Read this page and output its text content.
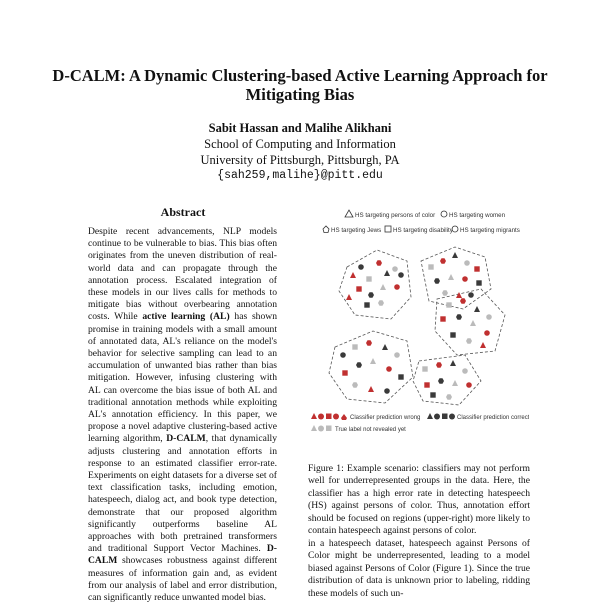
D-CALM: A Dynamic Clustering-based Active Learning Approach for Mitigating Bias
Sabit Hassan and Malihe Alikhani
School of Computing and Information
University of Pittsburgh, Pittsburgh, PA
{sah259,malihe}@pitt.edu
Abstract
Despite recent advancements, NLP models continue to be vulnerable to bias. This bias often originates from the uneven distribution of real-world data and can propagate through the annotation process. Escalated integration of these models in our lives calls for methods to mitigate bias without overbearing annotation costs. While active learning (AL) has shown promise in training models with a small amount of annotated data, AL's reliance on the model's behavior for selective sampling can lead to an accumulation of unwanted bias rather than bias mitigation. However, infusing clustering with AL can overcome the bias issue of both AL and traditional annotation methods while exploiting AL's annotation efficiency. In this paper, we propose a novel adaptive clustering-based active learning algorithm, D-CALM, that dynamically adjusts clustering and annotation efforts in response to an estimated classifier error-rate. Experiments on eight datasets for a diverse set of text classification tasks, including emotion, hatespeech, dialog act, and book type detection, demonstrate that our proposed algorithm significantly outperforms baseline AL approaches with both pretrained transformers and traditional Support Vector Machines. D-CALM showcases robustness against different measures of information gain and, as evident from our analysis of label and error distribution, can significantly reduce unwanted model bias.
HS targeting persons of color HS targeting women
HS targeting Jews HS targeting disability HS targeting migrants
Classifier prediction wrong	Classifier prediction correct
True label not revealed yet
Figure 1: Example scenario: classifiers may not perform well for underrepresented groups in the data. Here, the classifier has a high error rate in detecting hatespeech (HS) against persons of color. Thus, annotation effort should be focused on regions (upper-right) more likely to contain hatespeech against persons of color.
in a hatespeech dataset, hatespeech against Persons of Color might be underrepresented, leading to a model biased against Persons of Color (Figure 1). Since the true distribution of data is unknown prior to labeling, ridding these models of such un-
